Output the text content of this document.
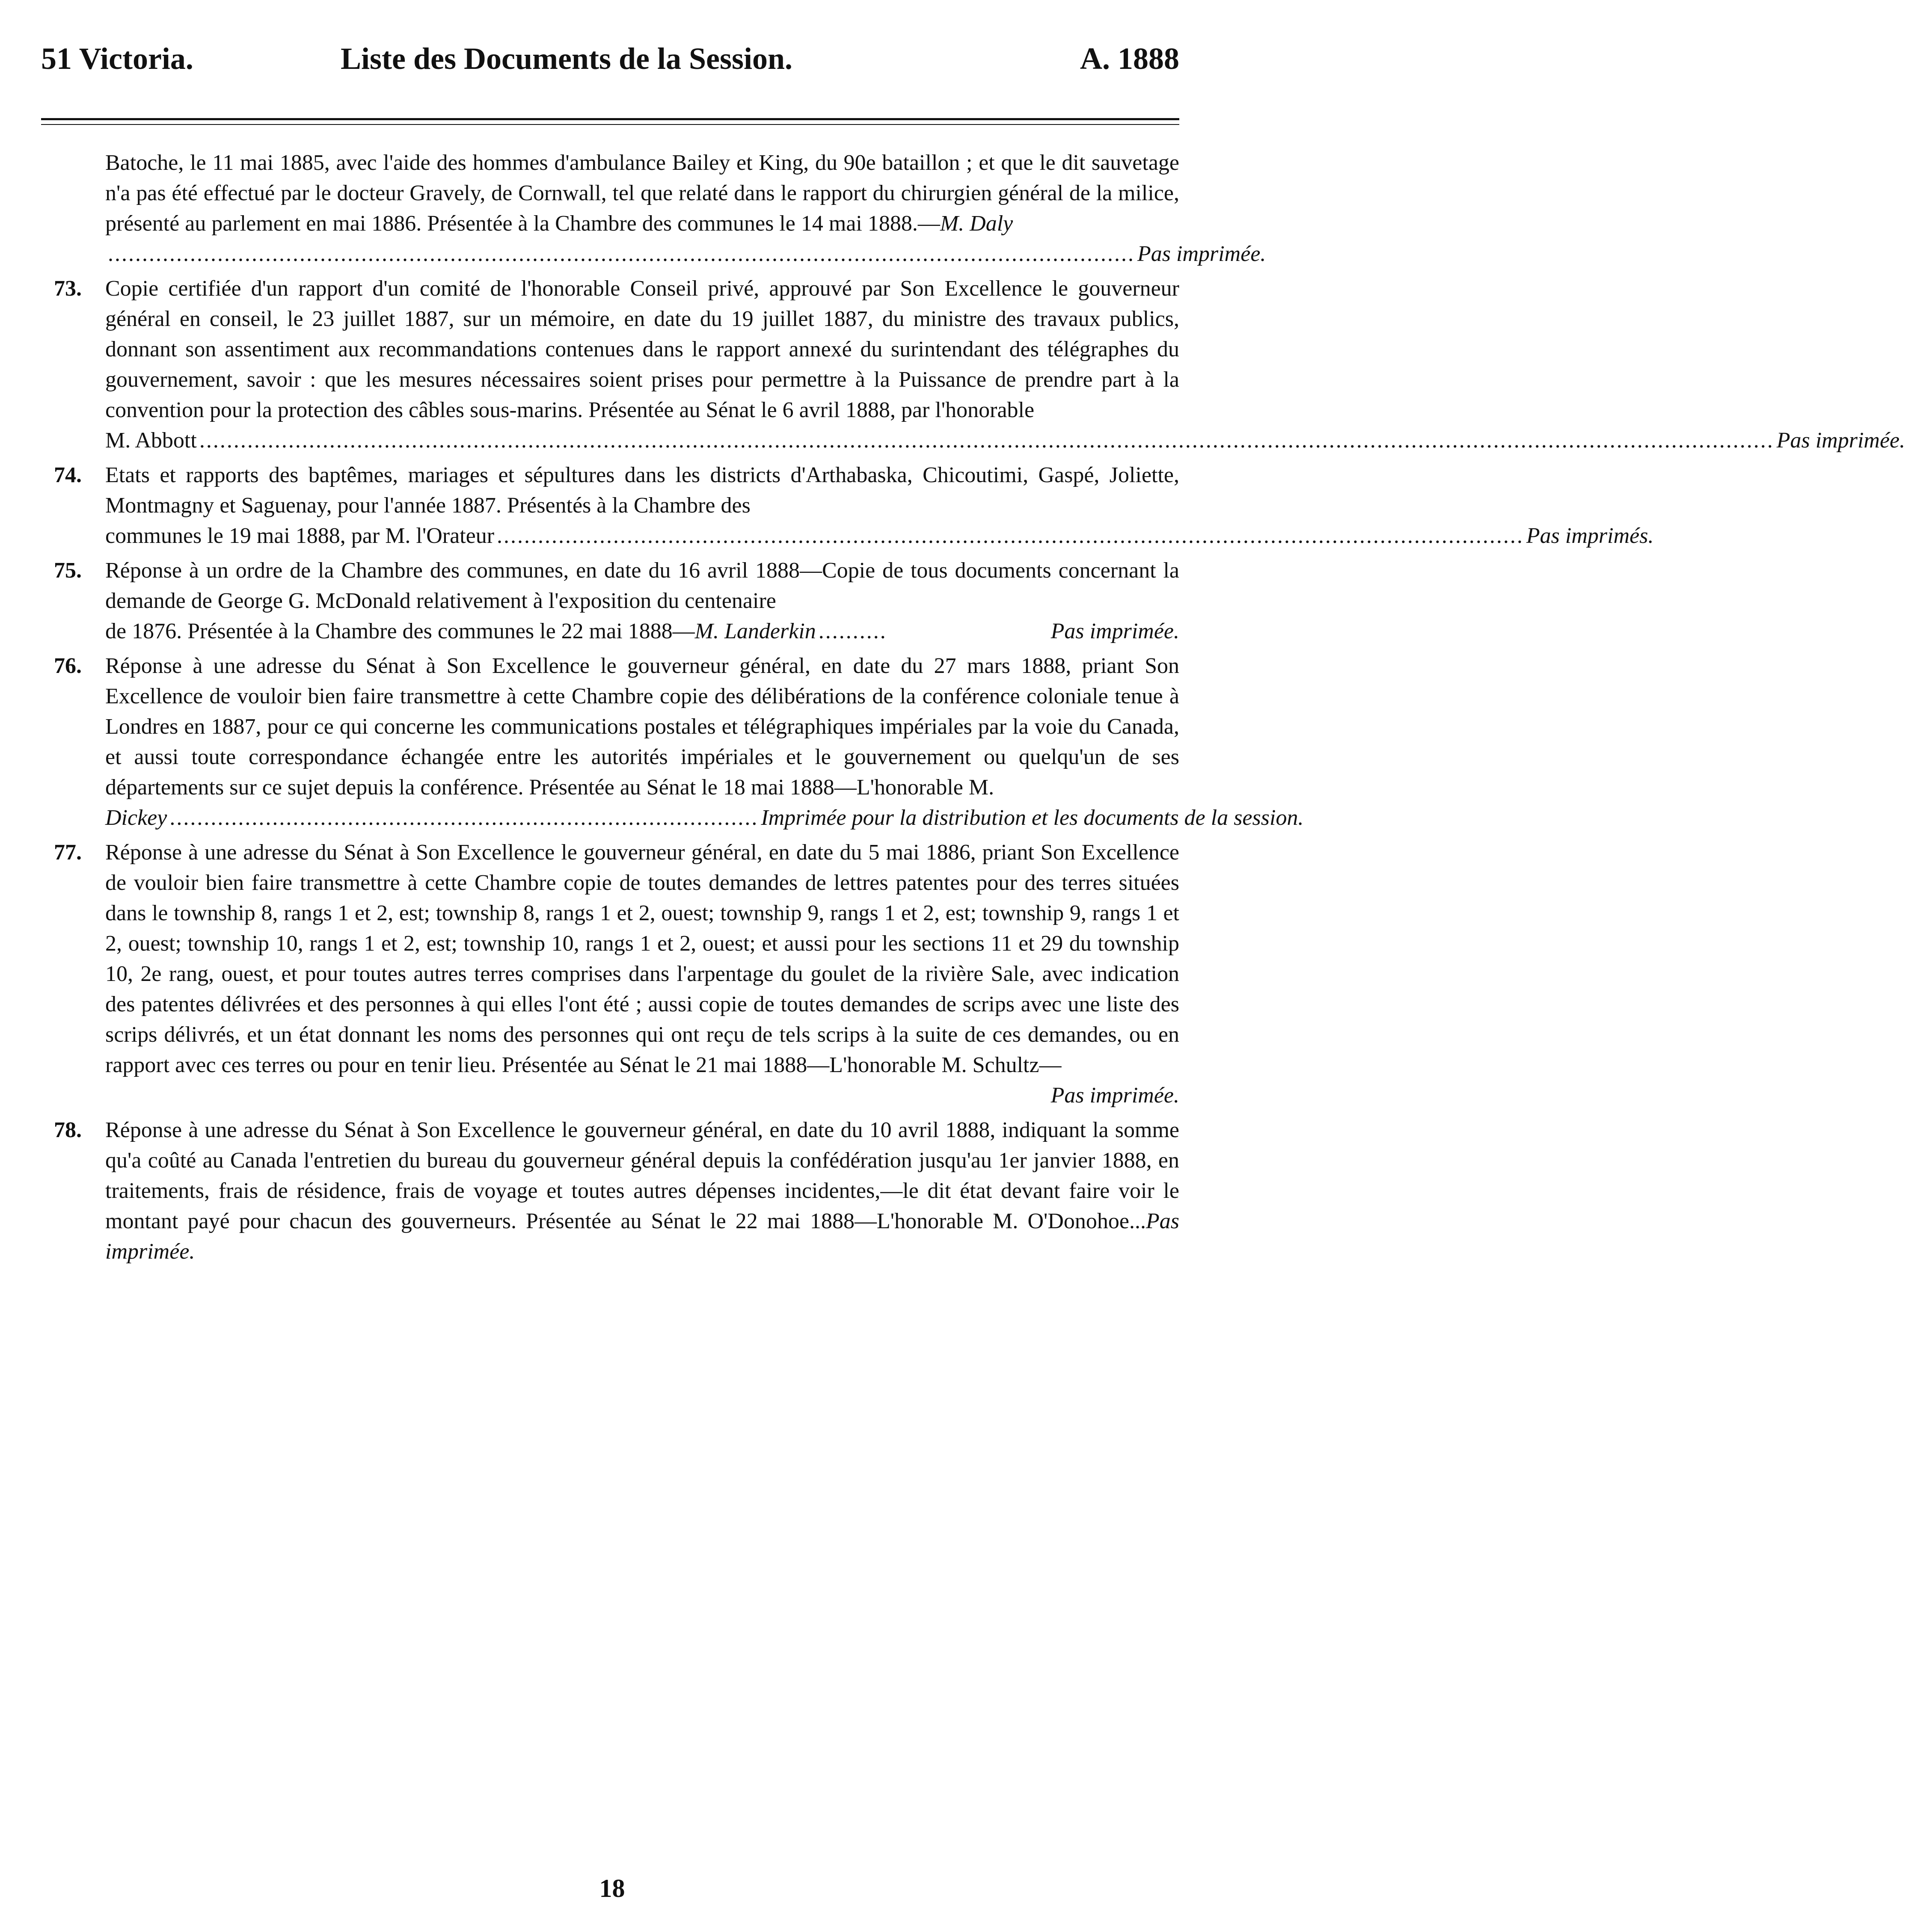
51 Victoria.	Liste des Documents de la Session.	A. 1888

Batoche, le 11 mai 1885, avec l'aide des hommes d'ambulance Bailey et King, du 90e bataillon ; et que le dit sauvetage n'a pas été effectué par le docteur Gravely, de Cornwall, tel que relaté dans le rapport du chirurgien général de la milice, présenté au parlement en mai 1886. Présentée à la Chambre des communes le 14 mai 1888.—M. Daly

...................................................................................................................................................... Pas imprimée.
73. Copie certifiée d'un rapport d'un comité de l'honorable Conseil privé, approuvé par Son Excellence le gouverneur général en conseil, le 23 juillet 1887, sur un mémoire, en date du 19 juillet 1887, du ministre des travaux publics, donnant son assentiment aux recommandations contenues dans le rapport annexé du surintendant des télégraphes du gouvernement, savoir : que les mesures nécessaires soient prises pour permettre à la Puissance de prendre part à la convention pour la protection des câbles sous-marins. Présentée au Sénat le 6 avril 1888, par l'honorable

M. Abbott ...................................................................................................................................................................................................................................... Pas imprimée.
74. Etats et rapports des baptêmes, mariages et sépultures dans les districts d'Arthabaska, Chicoutimi, Gaspé, Joliette, Montmagny et Saguenay, pour l'année 1887. Présentés à la Chambre des

communes le 19 mai 1888, par M. l'Orateur ...................................................................................................................................................... Pas imprimés.
75. Réponse à un ordre de la Chambre des communes, en date du 16 avril 1888—Copie de tous documents concernant la demande de George G. McDonald relativement à l'exposition du centenaire

de 1876. Présentée à la Chambre des communes le 22 mai 1888— M. Landerkin ..........	Pas imprimée.
76. Réponse à une adresse du Sénat à Son Excellence le gouverneur général, en date du 27 mars 1888, priant Son Excellence de vouloir bien faire transmettre à cette Chambre copie des délibérations de la conférence coloniale tenue à Londres en 1887, pour ce qui concerne les communications postales et télégraphiques impériales par la voie du Canada, et aussi toute correspondance échangée entre les autorités impériales et le gouvernement ou quelqu'un de ses départements sur ce sujet depuis la conférence. Présentée au Sénat le 18 mai 1888—L'honorable M.

Dickey ...................................................................................... Imprimée pour la distribution et les documents de la session.
77. Réponse à une adresse du Sénat à Son Excellence le gouverneur général, en date du 5 mai 1886, priant Son Excellence de vouloir bien faire transmettre à cette Chambre copie de toutes demandes de lettres patentes pour des terres situées dans le township 8, rangs 1 et 2, est; township 8, rangs 1 et 2, ouest; township 9, rangs 1 et 2, est; township 9, rangs 1 et 2, ouest; township 10, rangs 1 et 2, est; township 10, rangs 1 et 2, ouest; et aussi pour les sections 11 et 29 du township 10, 2e rang, ouest, et pour toutes autres terres comprises dans l'arpentage du goulet de la rivière Sale, avec indication des patentes délivrées et des personnes à qui elles l'ont été ; aussi copie de toutes demandes de scrips avec une liste des scrips délivrés, et un état donnant les noms des personnes qui ont reçu de tels scrips à la suite de ces demandes, ou en rapport avec ces terres ou pour en tenir lieu. Présentée au Sénat le 21 mai 1888—L'honorable M. Schultz—

Pas imprimée.
78. Réponse à une adresse du Sénat à Son Excellence le gouverneur général, en date du 10 avril 1888, indiquant la somme qu'a coûté au Canada l'entretien du bureau du gouverneur général depuis la confédération jusqu'au 1er janvier 1888, en traitements, frais de résidence, frais de voyage et toutes autres dépenses incidentes,—le dit état devant faire voir le montant payé pour chacun des gouverneurs. Présentée au Sénat le 22 mai 1888—L'honorable M. O'Donohoe...Pas imprimée.

18
